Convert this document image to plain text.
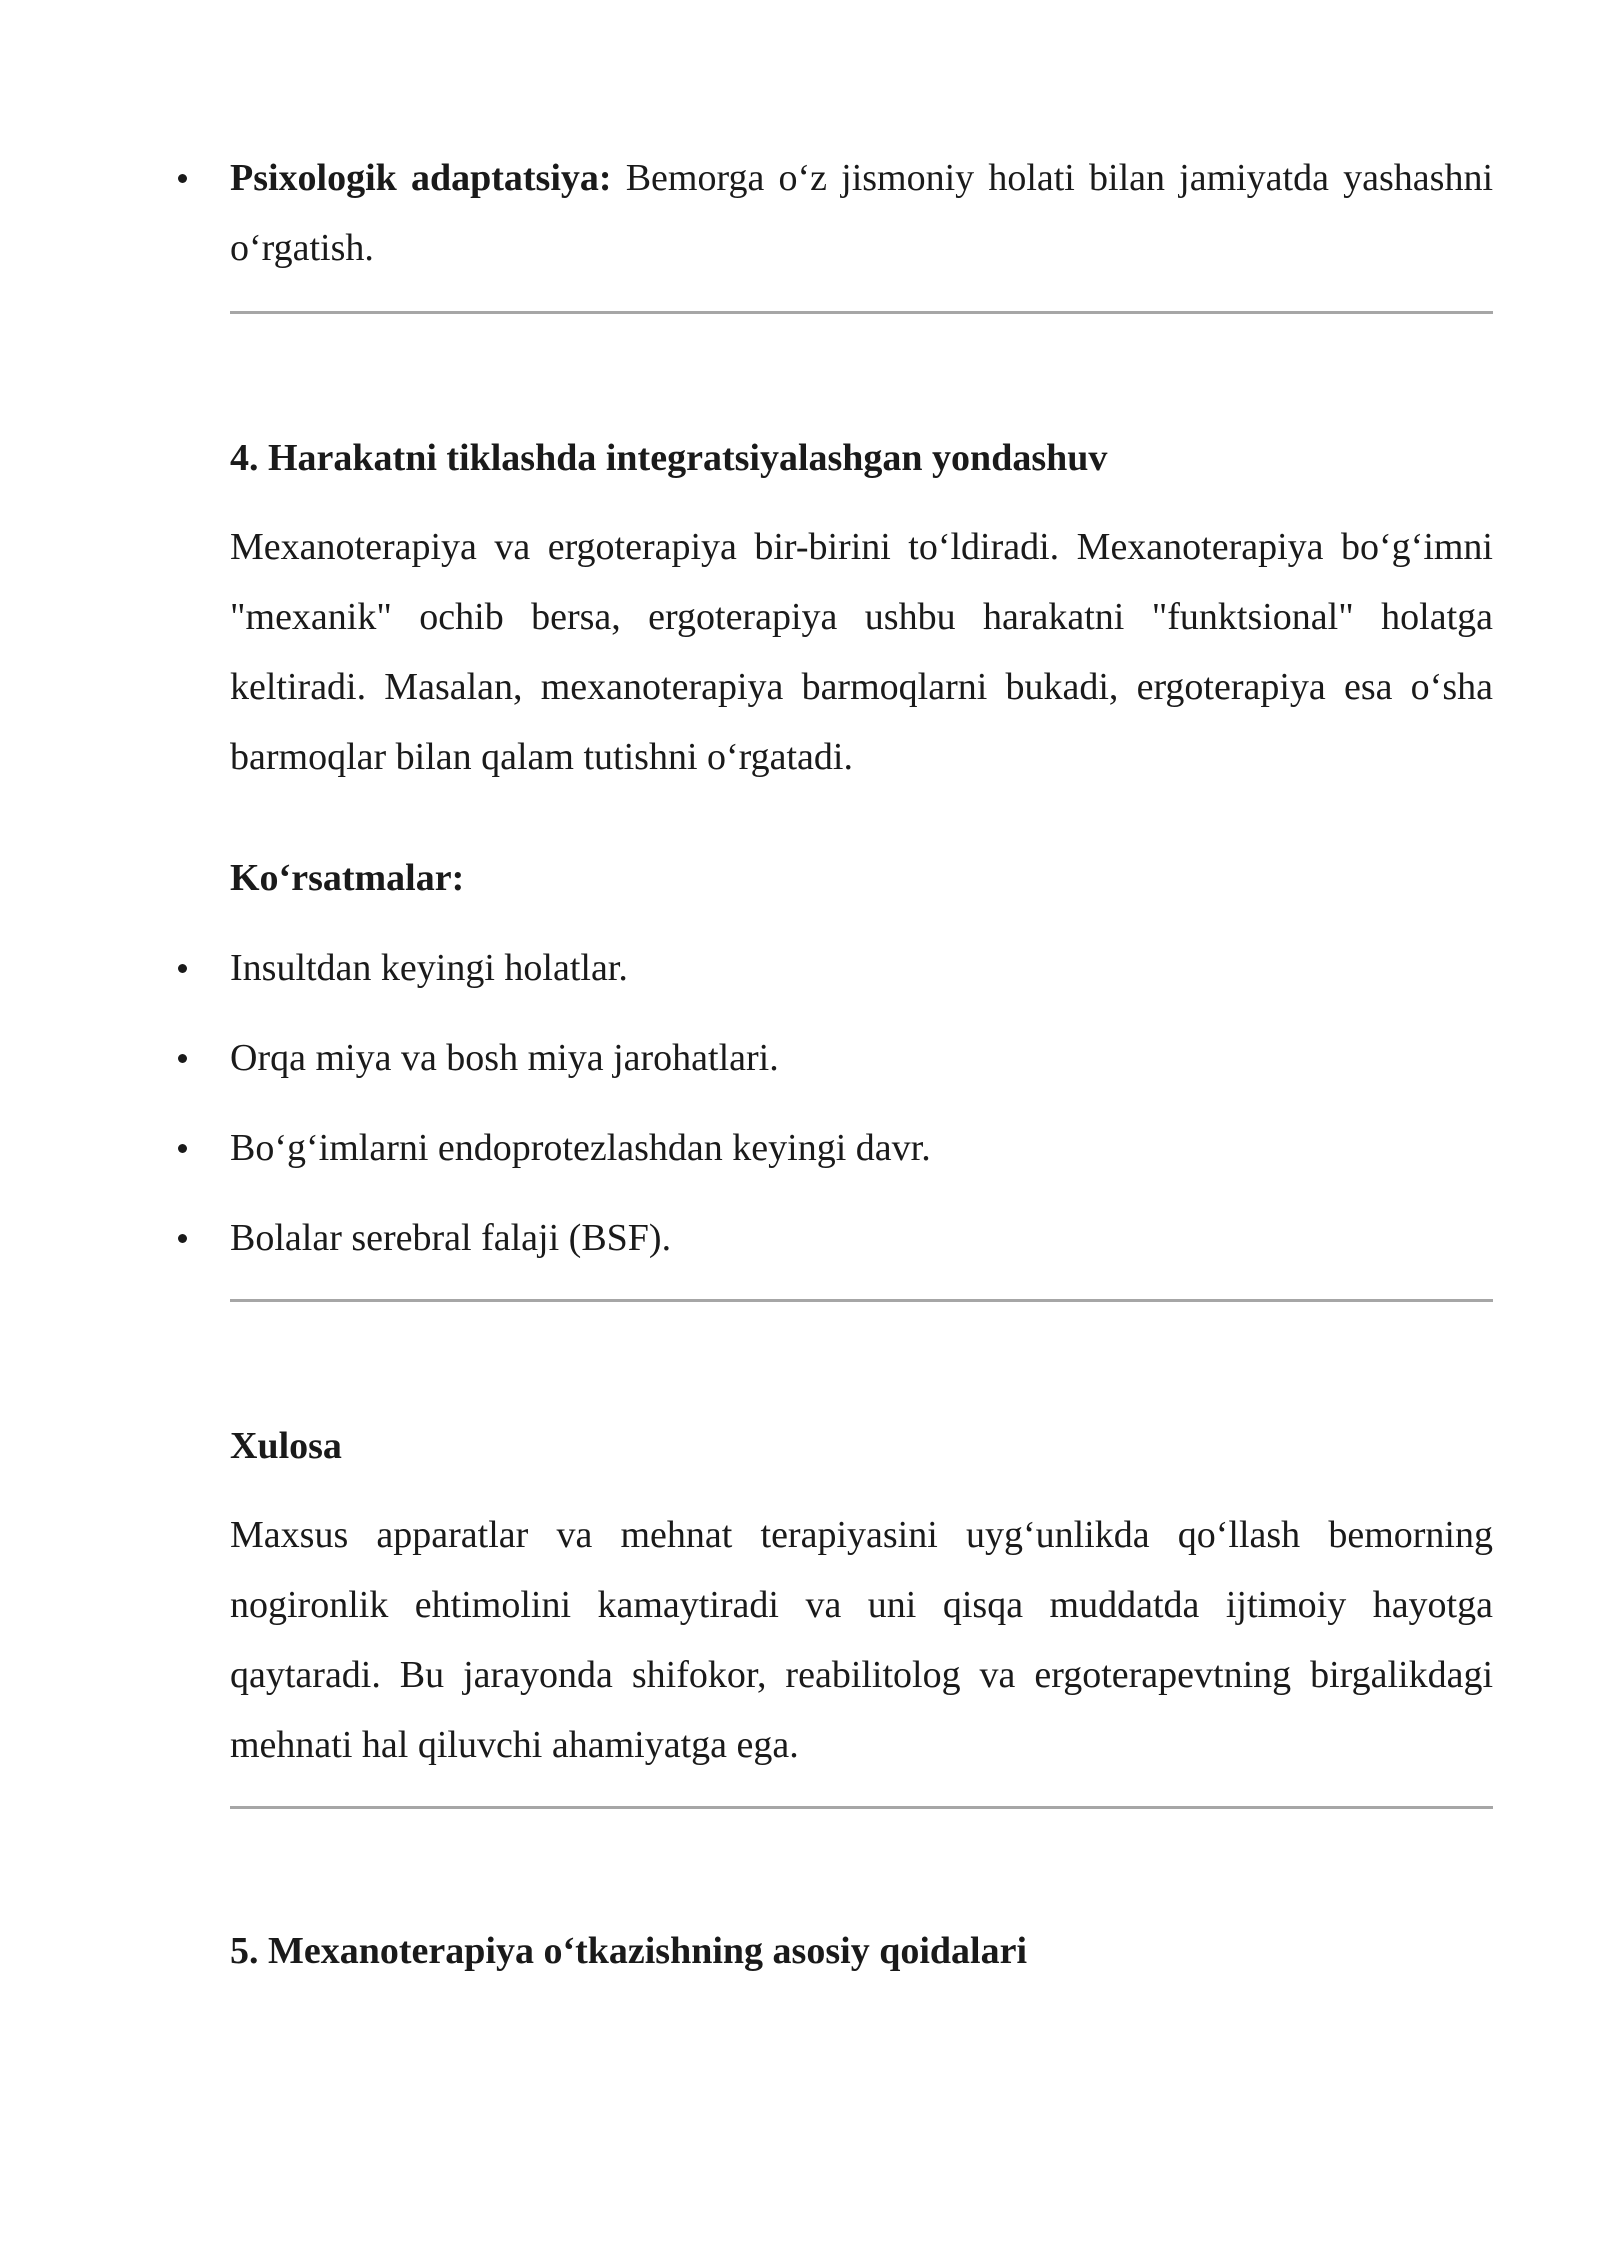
Psixologik adaptatsiya: Bemorga o‘z jismoniy holati bilan jamiyatda yashashni o‘rgatish.

4. Harakatni tiklashda integratsiyalashgan yondashuv

Mexanoterapiya va ergoterapiya bir-birini to‘ldiradi. Mexanoterapiya bo‘g‘imni "mexanik" ochib bersa, ergoterapiya ushbu harakatni "funktsional" holatga keltiradi. Masalan, mexanoterapiya barmoqlarni bukadi, ergoterapiya esa o‘sha barmoqlar bilan qalam tutishni o‘rgatadi.

Ko‘rsatmalar:

Insultdan keyingi holatlar.

Orqa miya va bosh miya jarohatlari.

Bo‘g‘imlarni endoprotezlashdan keyingi davr.

Bolalar serebral falaji (BSF).

Xulosa

Maxsus apparatlar va mehnat terapiyasini uyg‘unlikda qo‘llash bemorning nogironlik ehtimolini kamaytiradi va uni qisqa muddatda ijtimoiy hayotga qaytaradi. Bu jarayonda shifokor, reabilitolog va ergoterapevtning birgalikdagi mehnati hal qiluvchi ahamiyatga ega.

5. Mexanoterapiya o‘tkazishning asosiy qoidalari
